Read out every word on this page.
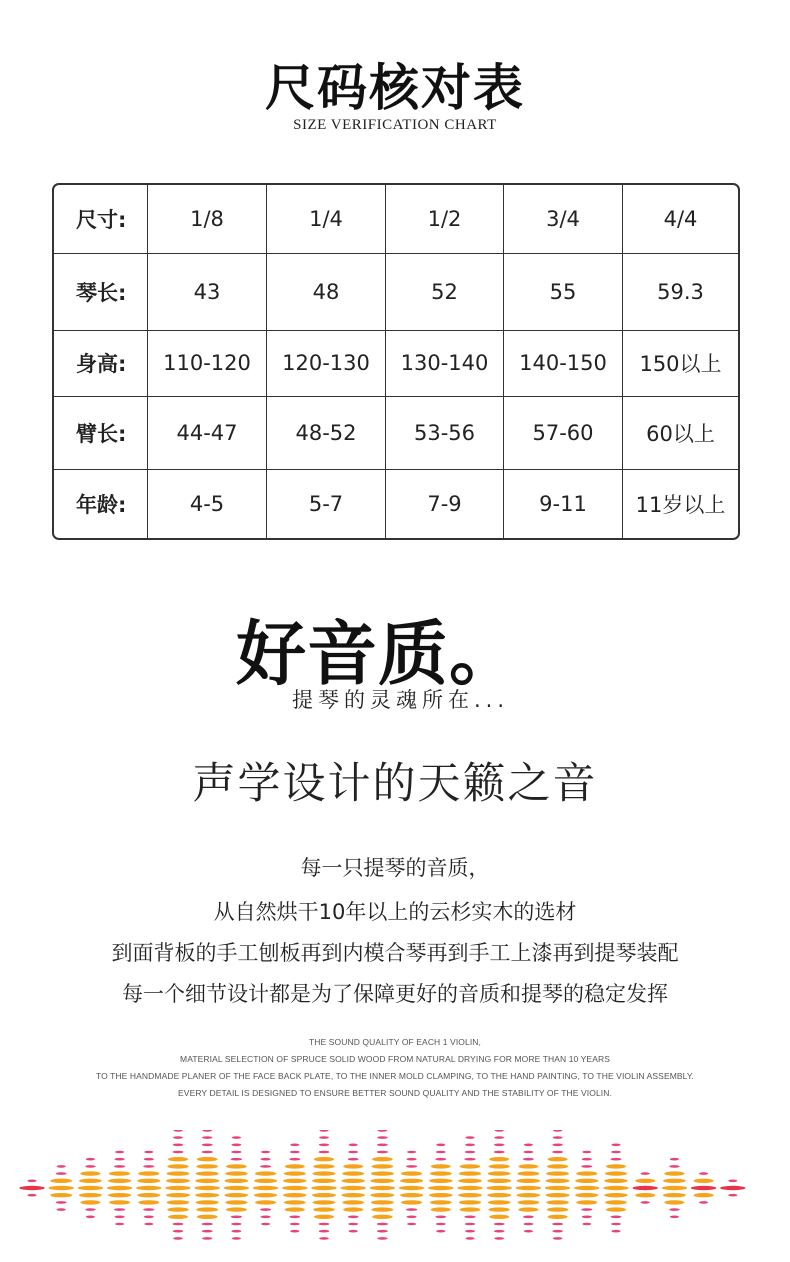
尺码核对表
SIZE VERIFICATION CHART
尺寸:	1/8	1/4	1/2	3/4	4/4
琴长:	43	48	52	55	59.3
身高:	110-120	120-130	130-140	140-150	150以上
臂长:	44-47	48-52	53-56	57-60	60以上
年龄:	4-5	5-7	7-9	9-11	11岁以上
好音质。
提琴的灵魂所在...
声学设计的天籁之音
每一只提琴的音质，
从自然烘干10年以上的云杉实木的选材
到面背板的手工刨板再到内模合琴再到手工上漆再到提琴装配
每一个细节设计都是为了保障更好的音质和提琴的稳定发挥
THE SOUND QUALITY OF EACH 1 VIOLIN,
MATERIAL SELECTION OF SPRUCE SOLID WOOD FROM NATURAL DRYING FOR MORE THAN 10 YEARS
TO THE HANDMADE PLANER OF THE FACE BACK PLATE, TO THE INNER MOLD CLAMPING, TO THE HAND PAINTING, TO THE VIOLIN ASSEMBLY.
EVERY DETAIL IS DESIGNED TO ENSURE BETTER SOUND QUALITY AND THE STABILITY OF THE VIOLIN.
